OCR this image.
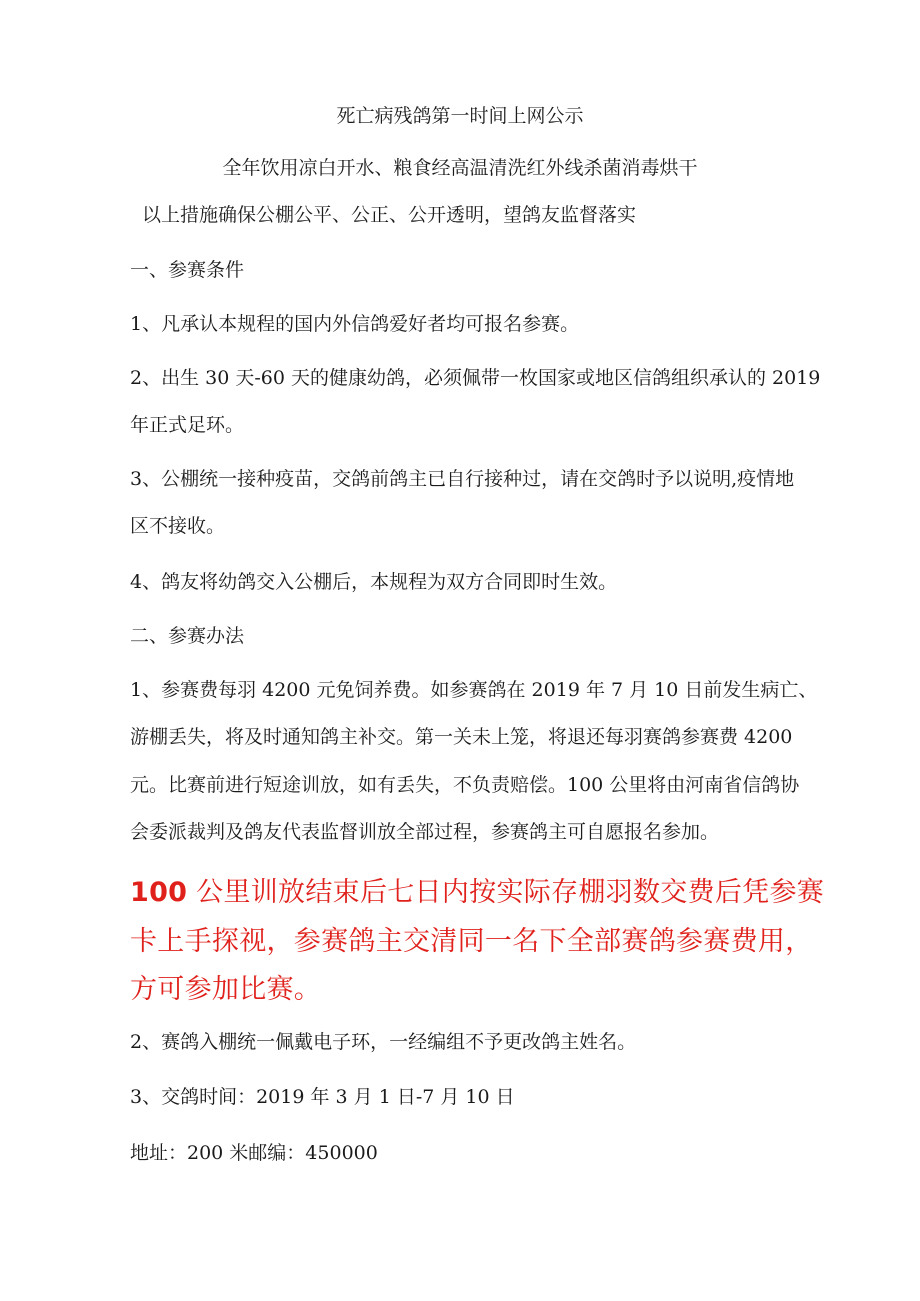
死亡病残鸽第一时间上网公示

全年饮用凉白开水、粮食经高温清洗红外线杀菌消毒烘干

以上措施确保公棚公平、公正、公开透明，望鸽友监督落实

一、参赛条件

1、凡承认本规程的国内外信鸽爱好者均可报名参赛。

2、出生 30 天-60 天的健康幼鸽，必须佩带一枚国家或地区信鸽组织承认的 2019

年正式足环。

3、公棚统一接种疫苗，交鸽前鸽主已自行接种过，请在交鸽时予以说明,疫情地

区不接收。

4、鸽友将幼鸽交入公棚后，本规程为双方合同即时生效。

二、参赛办法

1、参赛费每羽 4200 元免饲养费。如参赛鸽在 2019 年 7 月 10 日前发生病亡、

游棚丢失，将及时通知鸽主补交。第一关未上笼，将退还每羽赛鸽参赛费 4200

元。比赛前进行短途训放，如有丢失，不负责赔偿。100 公里将由河南省信鸽协

会委派裁判及鸽友代表监督训放全部过程，参赛鸽主可自愿报名参加。

100 公里训放结束后七日内按实际存棚羽数交费后凭参赛

卡上手探视，参赛鸽主交清同一名下全部赛鸽参赛费用，

方可参加比赛。

2、赛鸽入棚统一佩戴电子环，一经编组不予更改鸽主姓名。

3、交鸽时间：2019 年 3 月 1 日-7 月 10 日

地址：200 米邮编：450000
